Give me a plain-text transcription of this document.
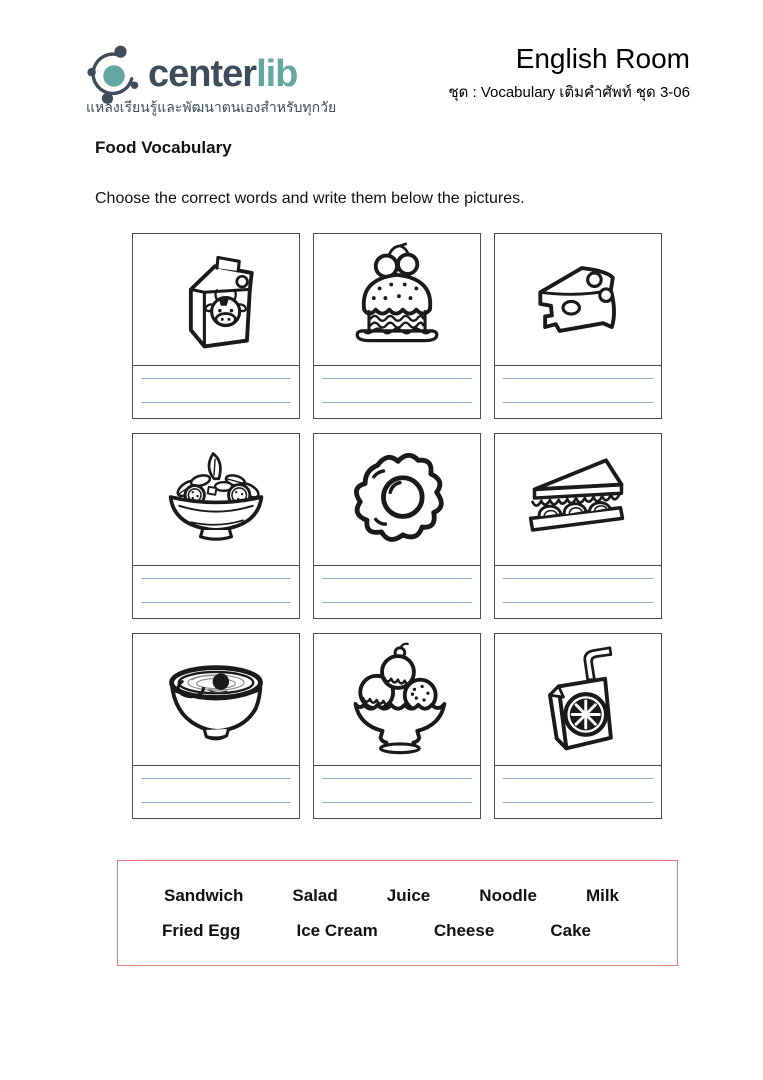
centerlib
แหล่งเรียนรู้และพัฒนาตนเองสำหรับทุกวัย
English Room
ชุด : Vocabulary เติมคำศัพท์ ชุด 3-06
Food Vocabulary
Choose the correct words and write them below the pictures.
Sandwich	Salad	Juice	Noodle	Milk
Fried Egg	Ice Cream	Cheese	Cake
